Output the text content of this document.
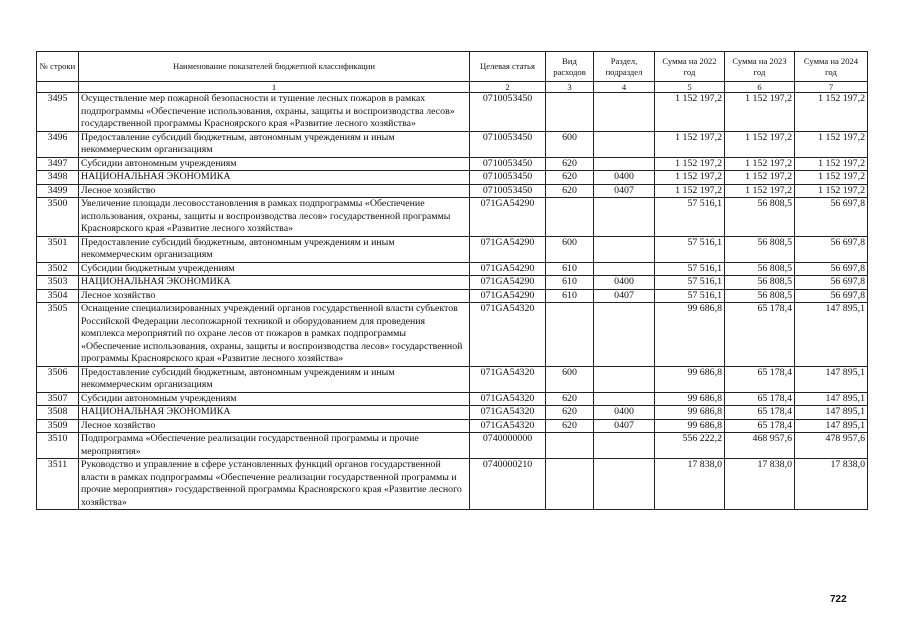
№ строки	Наименование показателей бюджетной классификации	Целевая статья	Вид расходов	Раздел, подраздел	Сумма на 2022 год	Сумма на 2023 год	Сумма на 2024 год
	1	2	3	4	5	6	7
3495	Осуществление мер пожарной безопасности и тушение лесных пожаров в рамках подпрограммы «Обеспечение использования, охраны, защиты и воспроизводства лесов» государственной программы Красноярского края «Развитие лесного хозяйства»	0710053450			1 152 197,2	1 152 197,2	1 152 197,2
3496	Предоставление субсидий бюджетным, автономным учреждениям и иным некоммерческим организациям	0710053450	600		1 152 197,2	1 152 197,2	1 152 197,2
3497	Субсидии автономным учреждениям	0710053450	620		1 152 197,2	1 152 197,2	1 152 197,2
3498	НАЦИОНАЛЬНАЯ ЭКОНОМИКА	0710053450	620	0400	1 152 197,2	1 152 197,2	1 152 197,2
3499	Лесное хозяйство	0710053450	620	0407	1 152 197,2	1 152 197,2	1 152 197,2
3500	Увеличение площади лесовосстановления в рамках подпрограммы «Обеспечение использования, охраны, защиты и воспроизводства лесов» государственной программы Красноярского края «Развитие лесного хозяйства»	071GA54290			57 516,1	56 808,5	56 697,8
3501	Предоставление субсидий бюджетным, автономным учреждениям и иным некоммерческим организациям	071GA54290	600		57 516,1	56 808,5	56 697,8
3502	Субсидии бюджетным учреждениям	071GA54290	610		57 516,1	56 808,5	56 697,8
3503	НАЦИОНАЛЬНАЯ ЭКОНОМИКА	071GA54290	610	0400	57 516,1	56 808,5	56 697,8
3504	Лесное хозяйство	071GA54290	610	0407	57 516,1	56 808,5	56 697,8
3505	Оснащение специализированных учреждений органов государственной власти субъектов Российской Федерации лесопожарной техникой и оборудованием для проведения комплекса мероприятий по охране лесов от пожаров в рамках подпрограммы «Обеспечение использования, охраны, защиты и воспроизводства лесов» государственной программы Красноярского края «Развитие лесного хозяйства»	071GA54320			99 686,8	65 178,4	147 895,1
3506	Предоставление субсидий бюджетным, автономным учреждениям и иным некоммерческим организациям	071GA54320	600		99 686,8	65 178,4	147 895,1
3507	Субсидии автономным учреждениям	071GA54320	620		99 686,8	65 178,4	147 895,1
3508	НАЦИОНАЛЬНАЯ ЭКОНОМИКА	071GA54320	620	0400	99 686,8	65 178,4	147 895,1
3509	Лесное хозяйство	071GA54320	620	0407	99 686,8	65 178,4	147 895,1
3510	Подпрограмма «Обеспечение реализации государственной программы и прочие мероприятия»	0740000000			556 222,2	468 957,6	478 957,6
3511	Руководство и управление в сфере установленных функций органов государственной власти в рамках подпрограммы «Обеспечение реализации государственной программы и прочие мероприятия» государственной программы Красноярского края «Развитие лесного хозяйства»	0740000210			17 838,0	17 838,0	17 838,0
722
